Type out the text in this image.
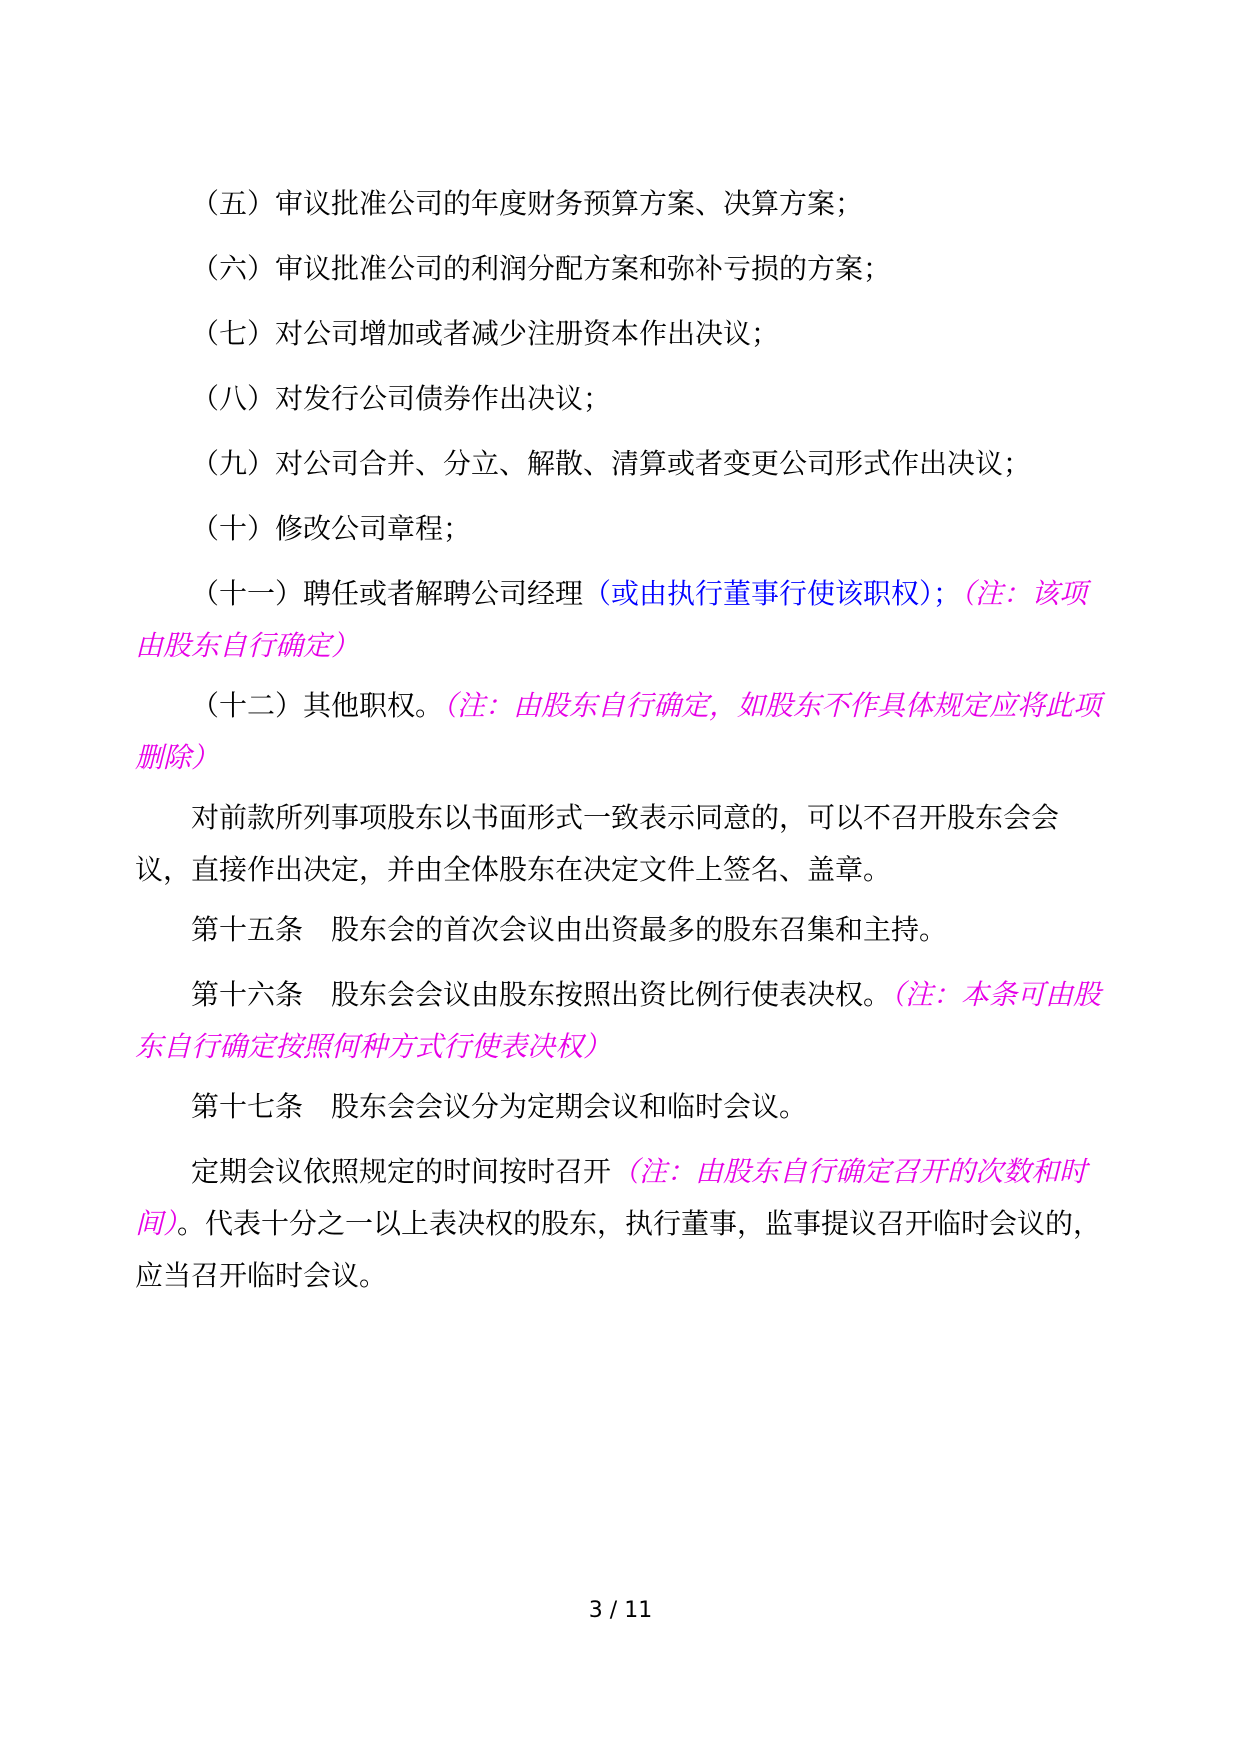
（五）审议批准公司的年度财务预算方案、决算方案；

（六）审议批准公司的利润分配方案和弥补亏损的方案；

（七）对公司增加或者减少注册资本作出决议；

（八）对发行公司债券作出决议；

（九）对公司合并、分立、解散、清算或者变更公司形式作出决议；

（十）修改公司章程；

（十一）聘任或者解聘公司经理（或由执行董事行使该职权）；（注：该项由股东自行确定）

（十二）其他职权。（注：由股东自行确定，如股东不作具体规定应将此项删除）

对前款所列事项股东以书面形式一致表示同意的，可以不召开股东会会议，直接作出决定，并由全体股东在决定文件上签名、盖章。

第十五条 股东会的首次会议由出资最多的股东召集和主持。

第十六条 股东会会议由股东按照出资比例行使表决权。（注：本条可由股东自行确定按照何种方式行使表决权）

第十七条 股东会会议分为定期会议和临时会议。

定期会议依照规定的时间按时召开（注：由股东自行确定召开的次数和时间）。代表十分之一以上表决权的股东，执行董事，监事提议召开临时会议的，应当召开临时会议。

3 / 11
